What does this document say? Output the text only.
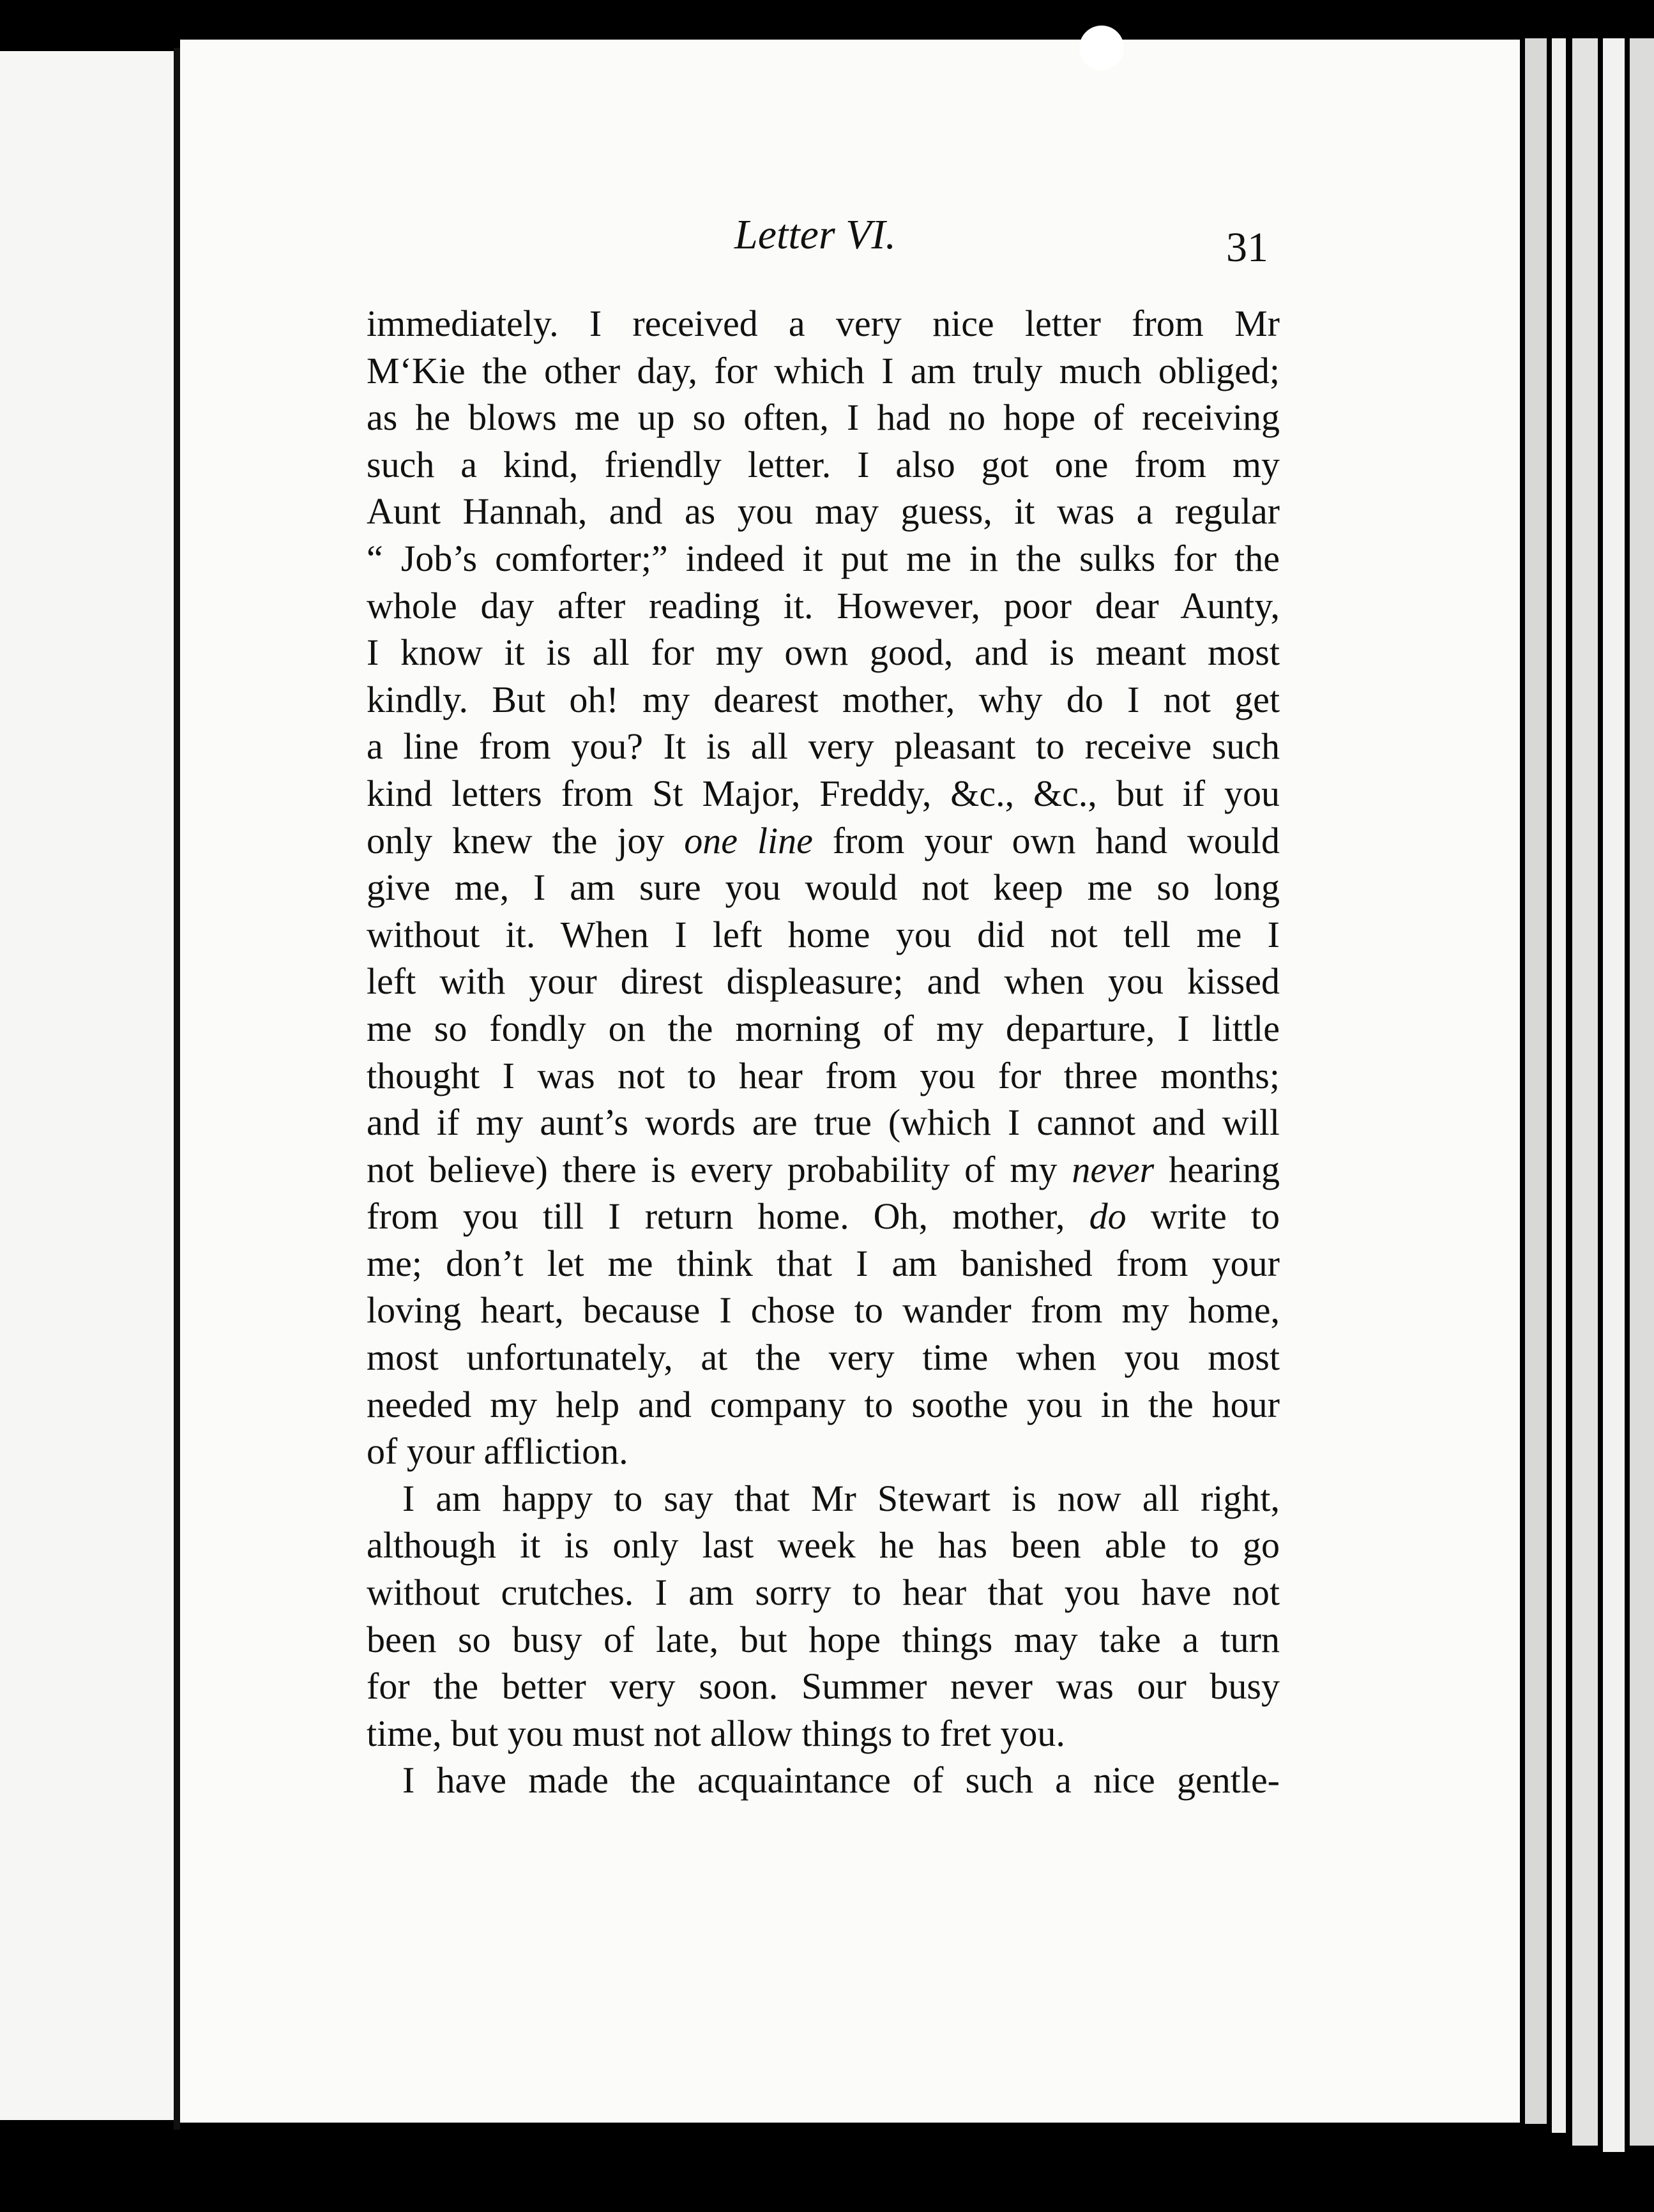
Letter VI.	31
immediately. I received a very nice letter from Mr
M‘Kie the other day, for which I am truly much obliged;
as he blows me up so often, I had no hope of receiving
such a kind, friendly letter. I also got one from my
Aunt Hannah, and as you may guess, it was a regular
“ Job’s comforter;” indeed it put me in the sulks for the
whole day after reading it. However, poor dear Aunty,
I know it is all for my own good, and is meant most
kindly. But oh! my dearest mother, why do I not get
a line from you? It is all very pleasant to receive such
kind letters from St Major, Freddy, &c., &c., but if you
only knew the joy one line from your own hand would
give me, I am sure you would not keep me so long
without it. When I left home you did not tell me I
left with your direst displeasure; and when you kissed
me so fondly on the morning of my departure, I little
thought I was not to hear from you for three months;
and if my aunt’s words are true (which I cannot and will
not believe) there is every probability of my never hearing
from you till I return home. Oh, mother, do write to
me; don’t let me think that I am banished from your
loving heart, because I chose to wander from my home,
most unfortunately, at the very time when you most
needed my help and company to soothe you in the hour
of your affliction.
I am happy to say that Mr Stewart is now all right,
although it is only last week he has been able to go
without crutches. I am sorry to hear that you have not
been so busy of late, but hope things may take a turn
for the better very soon. Summer never was our busy
time, but you must not allow things to fret you.
I have made the acquaintance of such a nice gentle-
